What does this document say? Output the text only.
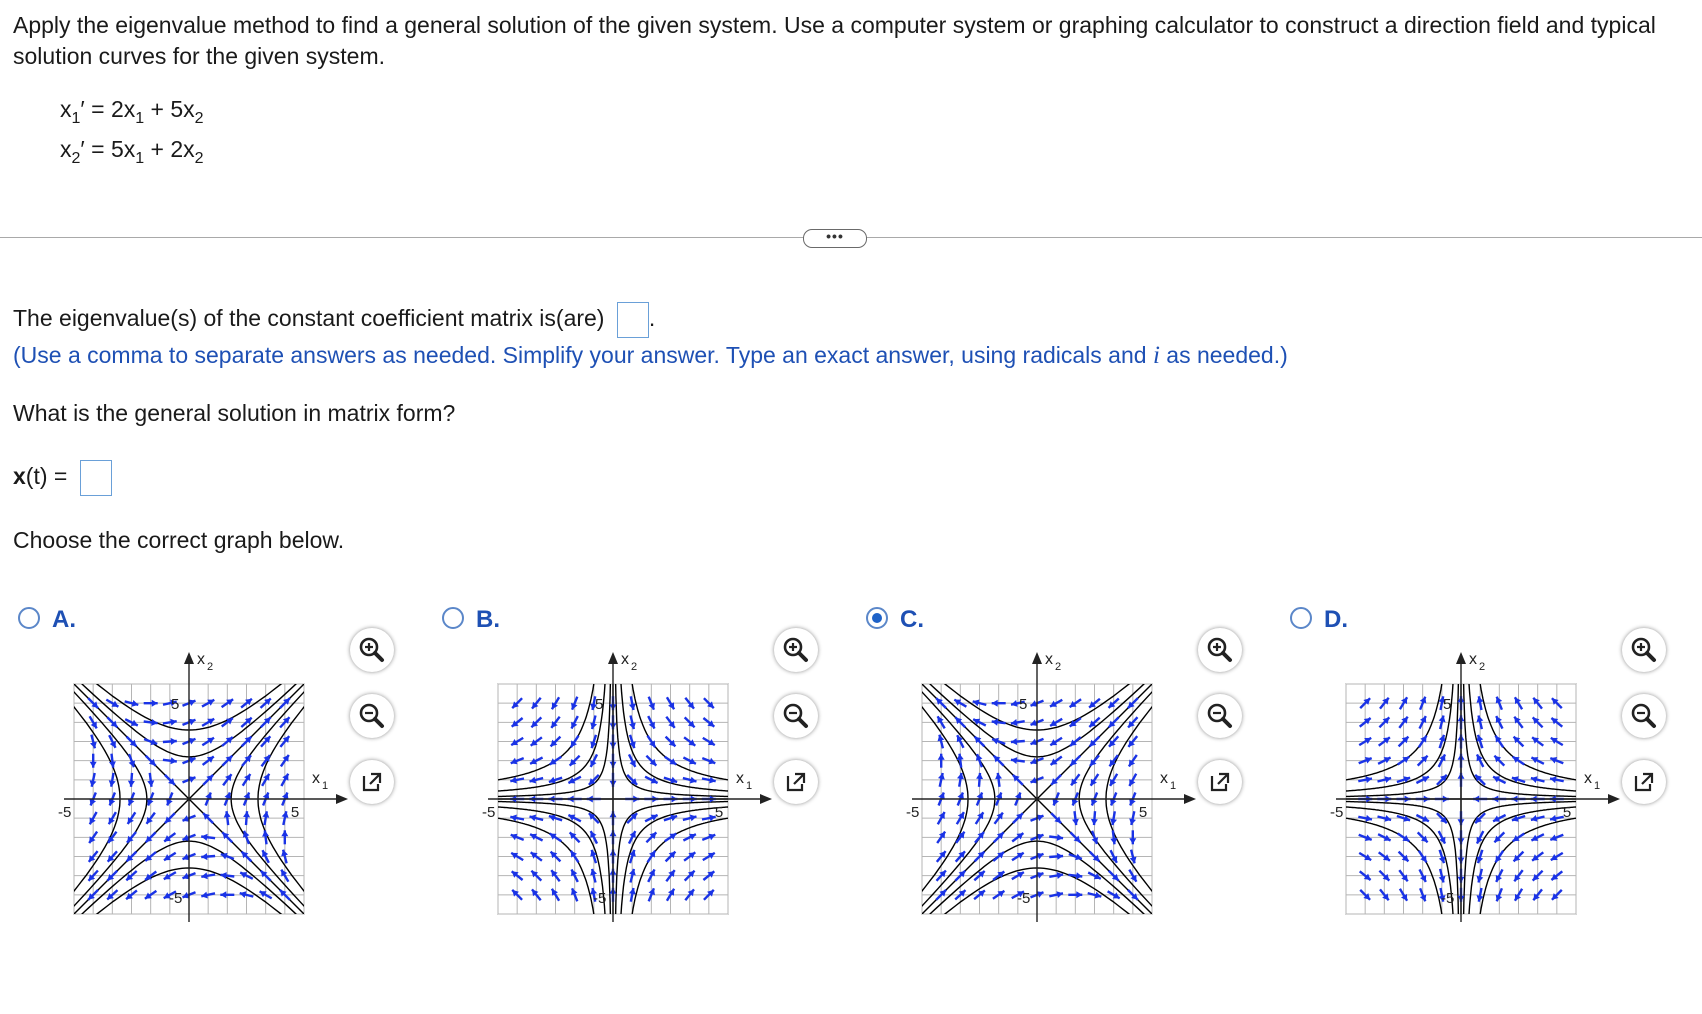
Apply the eigenvalue method to find a general solution of the given system. Use a computer system or graphing calculator to construct a direction field and typical solution curves for the given system.
$x_1' = 2x_1 + 5x_2$
$x_2' = 5x_1 + 2x_2$
•••
The eigenvalue(s) of the constant coefficient matrix is(are) .
(Use a comma to separate answers as needed. Simplify your answer. Type an exact answer, using radicals and i as needed.)
What is the general solution in matrix form?
x(t) =
Choose the correct graph below.
A.
x 2
x 1
5
-5
5
-5
B.
x 2
x 1
5
-5
5
-5
C.
x 2
x 1
5
-5
5
-5
D.
x 2
x 1
5
-5
5
-5
